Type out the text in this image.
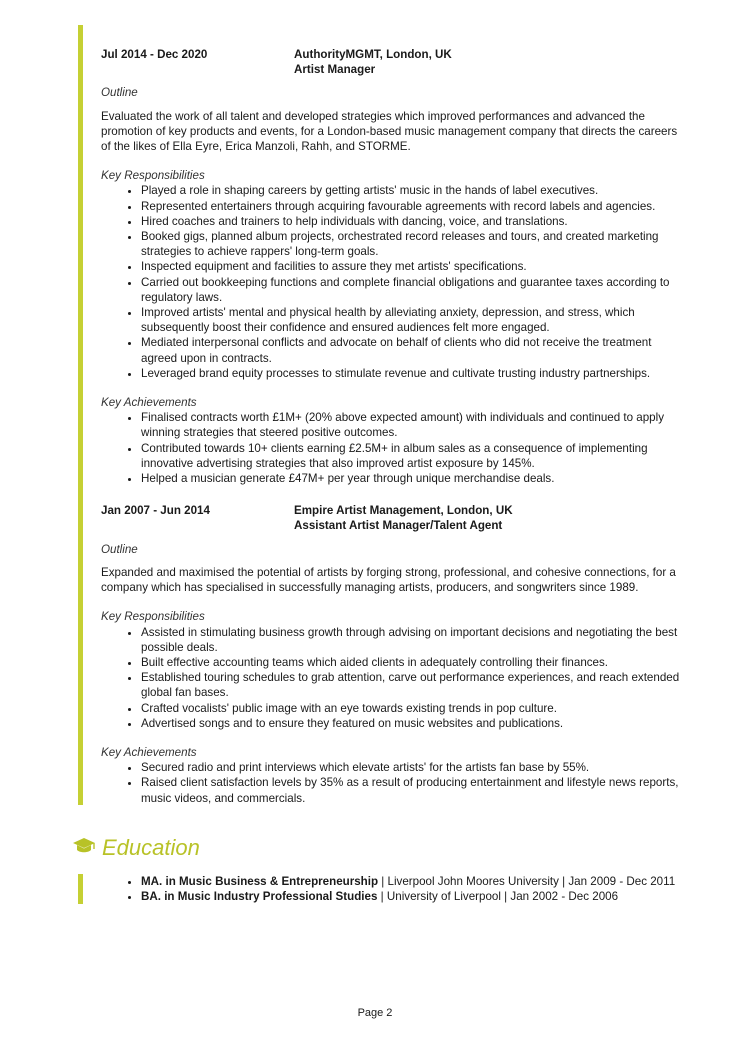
Jul 2014 - Dec 2020	AuthorityMGMT, London, UK
Artist Manager
Outline

Evaluated the work of all talent and developed strategies which improved performances and advanced the promotion of key products and events, for a London-based music management company that directs the careers of the likes of Ella Eyre, Erica Manzoli, Rahh, and STORME.

Key Responsibilities
• Played a role in shaping careers by getting artists' music in the hands of label executives.
• Represented entertainers through acquiring favourable agreements with record labels and agencies.
• Hired coaches and trainers to help individuals with dancing, voice, and translations.
• Booked gigs, planned album projects, orchestrated record releases and tours, and created marketing strategies to achieve rappers' long-term goals.
• Inspected equipment and facilities to assure they met artists' specifications.
• Carried out bookkeeping functions and complete financial obligations and guarantee taxes according to regulatory laws.
• Improved artists' mental and physical health by alleviating anxiety, depression, and stress, which subsequently boost their confidence and ensured audiences felt more engaged.
• Mediated interpersonal conflicts and advocate on behalf of clients who did not receive the treatment agreed upon in contracts.
• Leveraged brand equity processes to stimulate revenue and cultivate trusting industry partnerships.
Key Achievements
• Finalised contracts worth £1M+ (20% above expected amount) with individuals and continued to apply winning strategies that steered positive outcomes.
• Contributed towards 10+ clients earning £2.5M+ in album sales as a consequence of implementing innovative advertising strategies that also improved artist exposure by 145%.
• Helped a musician generate £47M+ per year through unique merchandise deals.
Jan 2007 - Jun 2014	Empire Artist Management, London, UK
Assistant Artist Manager/Talent Agent
Outline

Expanded and maximised the potential of artists by forging strong, professional, and cohesive connections, for a company which has specialised in successfully managing artists, producers, and songwriters since 1989.

Key Responsibilities
• Assisted in stimulating business growth through advising on important decisions and negotiating the best possible deals.
• Built effective accounting teams which aided clients in adequately controlling their finances.
• Established touring schedules to grab attention, carve out performance experiences, and reach extended global fan bases.
• Crafted vocalists' public image with an eye towards existing trends in pop culture.
• Advertised songs and to ensure they featured on music websites and publications.
Key Achievements
• Secured radio and print interviews which elevate artists' for the artists fan base by 55%.
• Raised client satisfaction levels by 35% as a result of producing entertainment and lifestyle news reports, music videos, and commercials.
Education
• MA. in Music Business & Entrepreneurship | Liverpool John Moores University | Jan 2009 - Dec 2011
• BA. in Music Industry Professional Studies | University of Liverpool | Jan 2002 - Dec 2006
Page 2
